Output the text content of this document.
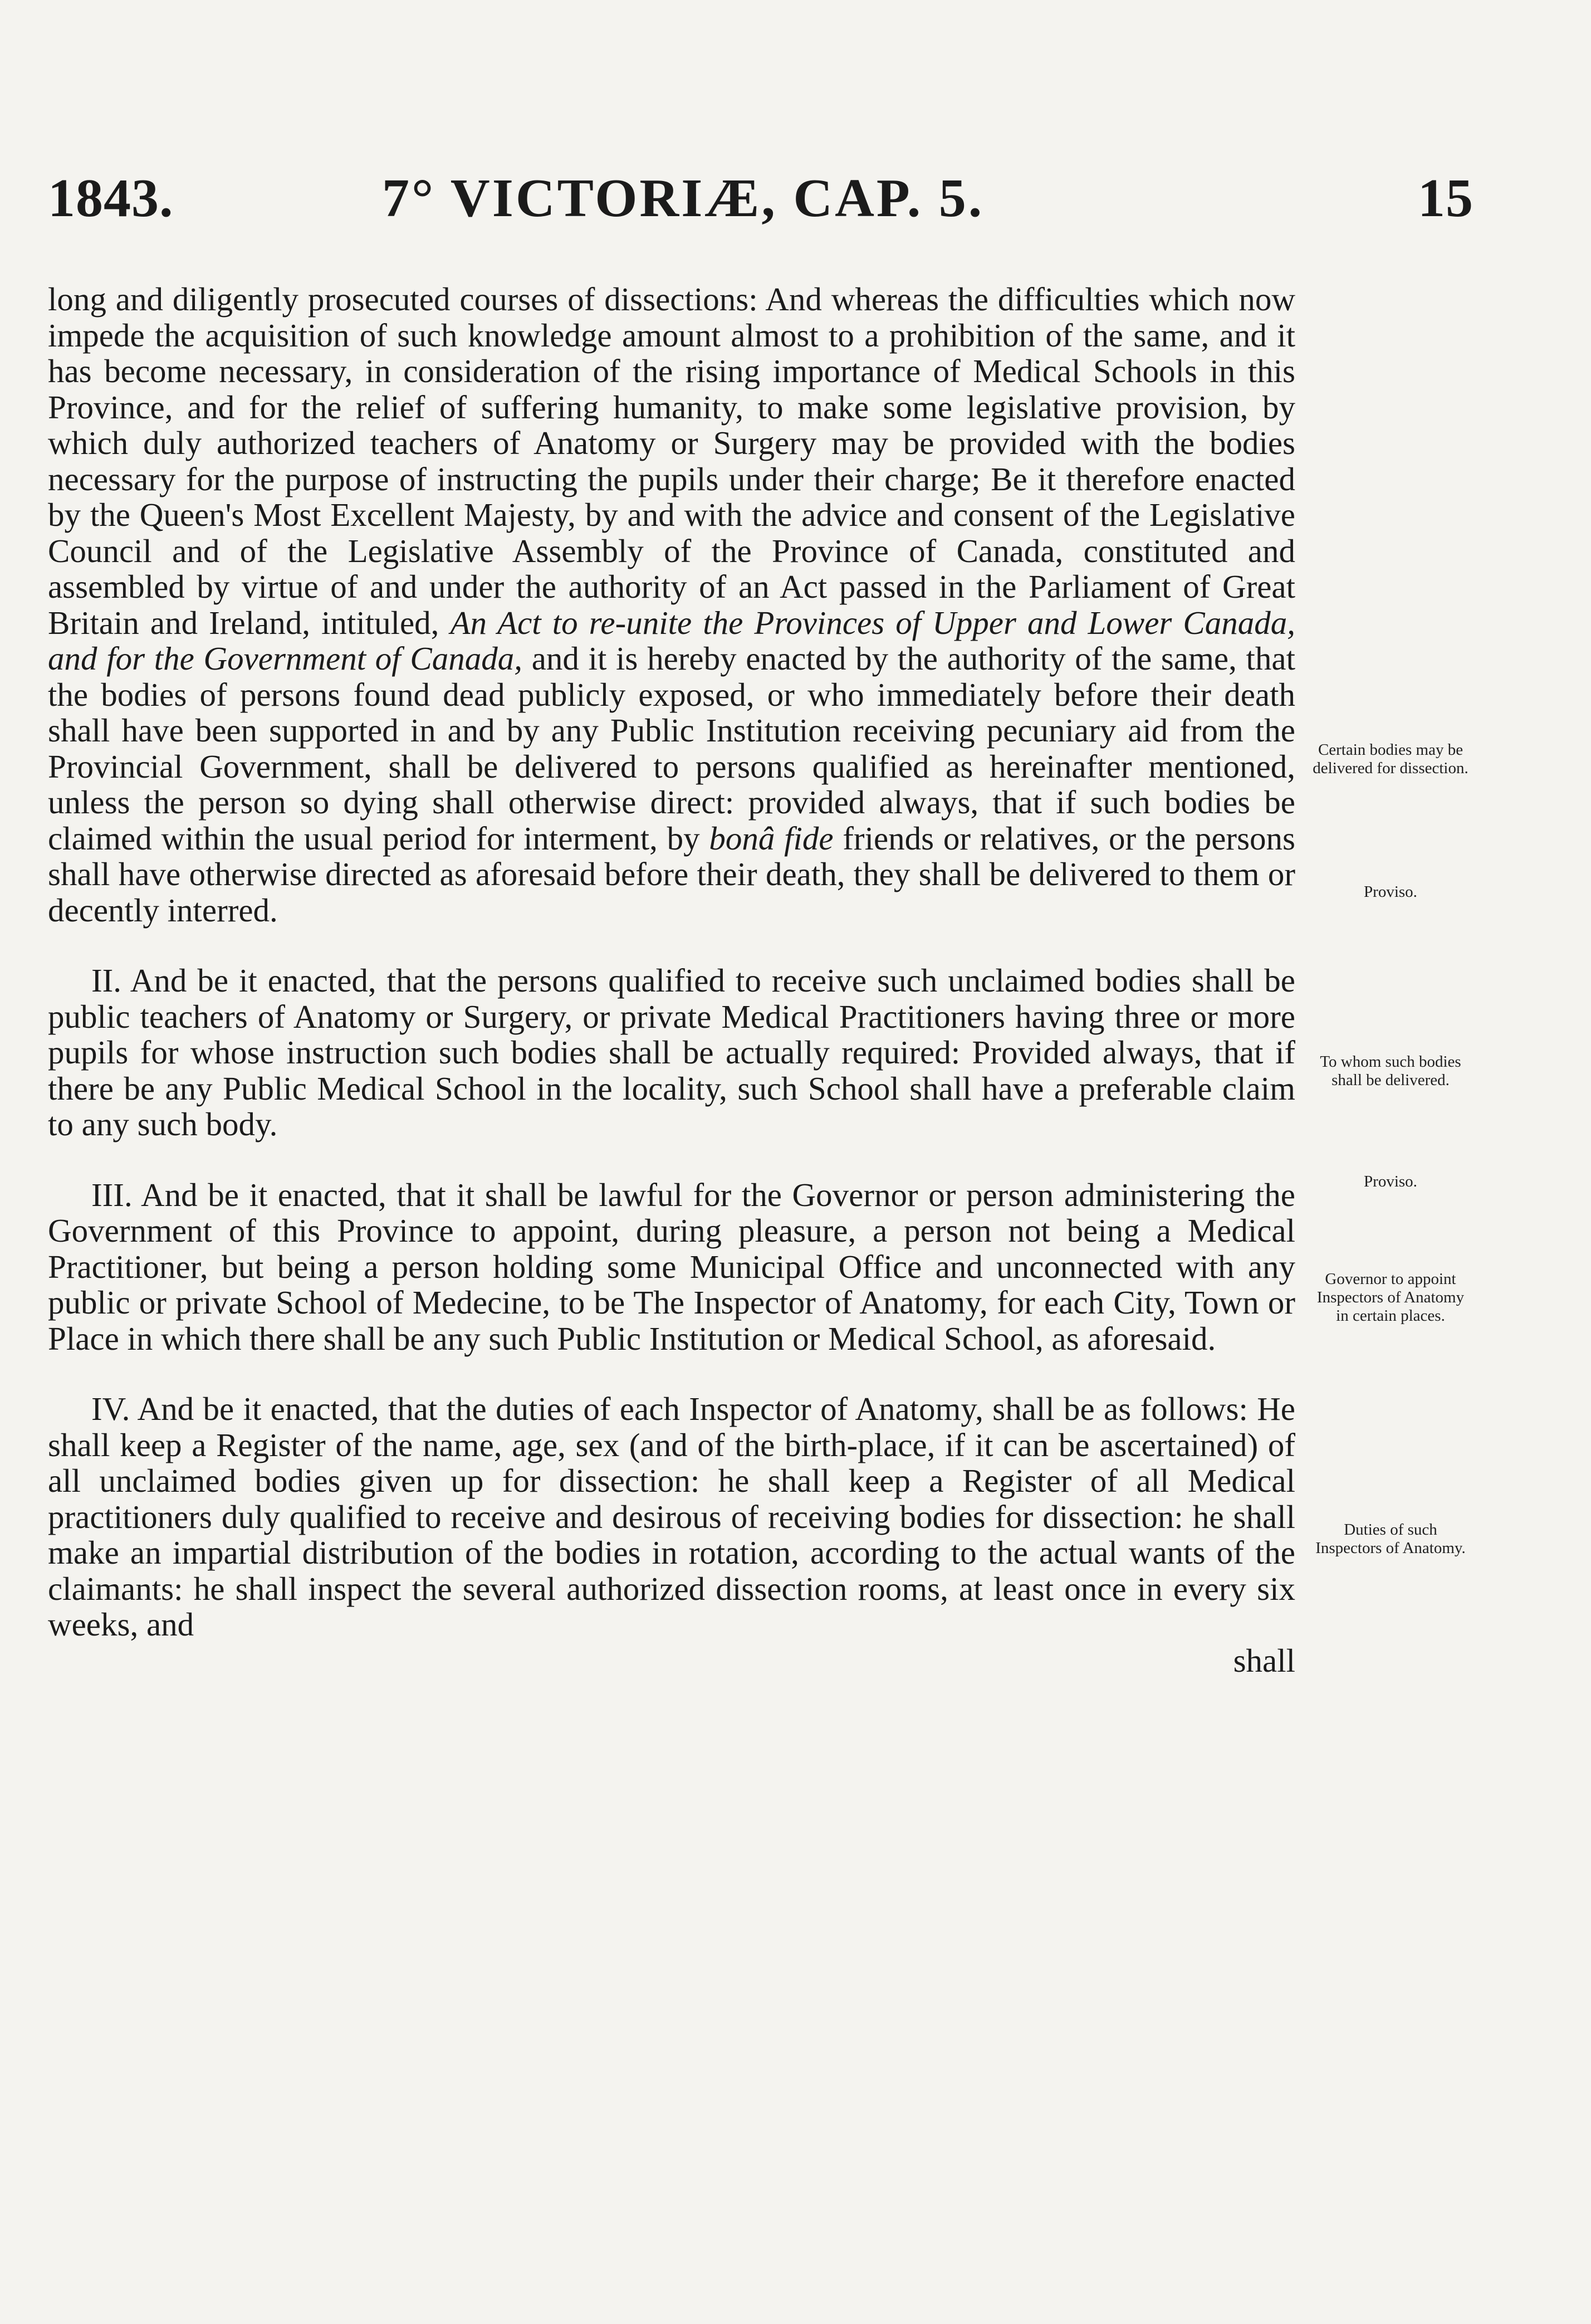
1843.	7° VICTORIÆ, CAP. 5.	15

long and diligently prosecuted courses of dissections: And whereas the difficulties which now impede the acquisition of such knowledge amount almost to a prohibition of the same, and it has become necessary, in consideration of the rising importance of Medical Schools in this Province, and for the relief of suffering humanity, to make some legislative provision, by which duly authorized teachers of Anatomy or Surgery may be provided with the bodies necessary for the purpose of instructing the pupils under their charge; Be it therefore enacted by the Queen's Most Excellent Majesty, by and with the advice and consent of the Legislative Council and of the Legislative Assembly of the Province of Canada, constituted and assembled by virtue of and under the authority of an Act passed in the Parliament of Great Britain and Ireland, intituled, An Act to re-unite the Provinces of Upper and Lower Canada, and for the Government of Canada, and it is hereby enacted by the authority of the same, that the bodies of persons found dead publicly exposed, or who immediately before their death shall have been supported in and by any Public Institution receiving pecuniary aid from the Provincial Government, shall be delivered to persons qualified as hereinafter mentioned, unless the person so dying shall otherwise direct: provided always, that if such bodies be claimed within the usual period for interment, by bonâ fide friends or relatives, or the persons shall have otherwise directed as aforesaid before their death, they shall be delivered to them or decently interred.

II. And be it enacted, that the persons qualified to receive such unclaimed bodies shall be public teachers of Anatomy or Surgery, or private Medical Practitioners having three or more pupils for whose instruction such bodies shall be actually required: Provided always, that if there be any Public Medical School in the locality, such School shall have a preferable claim to any such body.

III. And be it enacted, that it shall be lawful for the Governor or person administering the Government of this Province to appoint, during pleasure, a person not being a Medical Practitioner, but being a person holding some Municipal Office and unconnected with any public or private School of Medecine, to be The Inspector of Anatomy, for each City, Town or Place in which there shall be any such Public Institution or Medical School, as aforesaid.

IV. And be it enacted, that the duties of each Inspector of Anatomy, shall be as follows: He shall keep a Register of the name, age, sex (and of the birth-place, if it can be ascertained) of all unclaimed bodies given up for dissection: he shall keep a Register of all Medical practitioners duly qualified to receive and desirous of receiving bodies for dissection: he shall make an impartial distribution of the bodies in rotation, according to the actual wants of the claimants: he shall inspect the several authorized dissection rooms, at least once in every six weeks, and
shall

Certain bodies may be delivered for dissection.
Proviso.
To whom such bodies shall be delivered.
Proviso.
Governor to appoint Inspectors of Anatomy in certain places.
Duties of such Inspectors of Anatomy.
